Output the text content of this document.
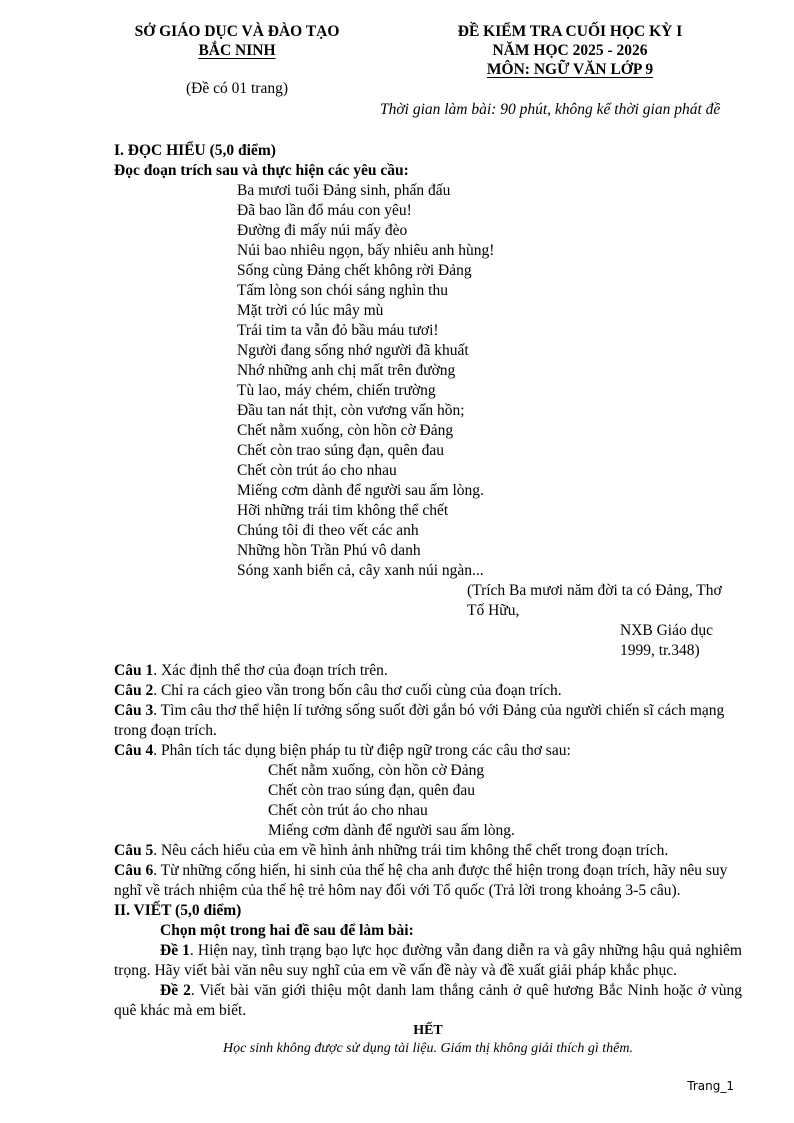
SỞ GIÁO DỤC VÀ ĐÀO TẠO
BẮC NINH
ĐỀ KIỂM TRA CUỐI HỌC KỲ I
NĂM HỌC 2025 - 2026
MÔN: NGỮ VĂN LỚP 9
(Đề có 01 trang)
Thời gian làm bài: 90 phút, không kể thời gian phát đề

I. ĐỌC HIỂU (5,0 điểm)

Đọc đoạn trích sau và thực hiện các yêu cầu:

Ba mươi tuổi Đảng sinh, phấn đấu

Đã bao lần đổ máu con yêu!

Đường đi mấy núi mấy đèo

Núi bao nhiêu ngọn, bấy nhiêu anh hùng!

Sống cùng Đảng chết không rời Đảng

Tấm lòng son chói sáng nghìn thu

Mặt trời có lúc mây mù

Trái tim ta vẫn đỏ bầu máu tươi!

Người đang sống nhớ người đã khuất

Nhớ những anh chị mất trên đường

Tù lao, máy chém, chiến trường

Đầu tan nát thịt, còn vương vấn hồn;

Chết nằm xuống, còn hồn cờ Đảng

Chết còn trao súng đạn, quên đau

Chết còn trút áo cho nhau

Miếng cơm dành để người sau ấm lòng.

Hỡi những trái tim không thể chết

Chúng tôi đi theo vết các anh

Những hồn Trần Phú vô danh

Sóng xanh biển cả, cây xanh núi ngàn...

(Trích Ba mươi năm đời ta có Đảng, Thơ Tố Hữu,

NXB Giáo dục 1999, tr.348)

Câu 1. Xác định thể thơ của đoạn trích trên.

Câu 2. Chỉ ra cách gieo vần trong bốn câu thơ cuối cùng của đoạn trích.

Câu 3. Tìm câu thơ thể hiện lí tưởng sống suốt đời gắn bó với Đảng của người chiến sĩ cách mạng trong đoạn trích.

Câu 4. Phân tích tác dụng biện pháp tu từ điệp ngữ trong các câu thơ sau:

Chết nằm xuống, còn hồn cờ Đảng

Chết còn trao súng đạn, quên đau

Chết còn trút áo cho nhau

Miếng cơm dành để người sau ấm lòng.

Câu 5. Nêu cách hiểu của em về hình ảnh những trái tim không thể chết trong đoạn trích.

Câu 6. Từ những cống hiến, hi sinh của thế hệ cha anh được thể hiện trong đoạn trích, hãy nêu suy nghĩ về trách nhiệm của thế hệ trẻ hôm nay đối với Tổ quốc (Trả lời trong khoảng 3-5 câu).

II. VIẾT (5,0 điểm)

Chọn một trong hai đề sau để làm bài:

Đề 1. Hiện nay, tình trạng bạo lực học đường vẫn đang diễn ra và gây những hậu quả nghiêm trọng. Hãy viết bài văn nêu suy nghĩ của em về vấn đề này và đề xuất giải pháp khắc phục.

Đề 2. Viết bài văn giới thiệu một danh lam thắng cảnh ở quê hương Bắc Ninh hoặc ở vùng quê khác mà em biết.

HẾT

Học sinh không được sử dụng tài liệu. Giám thị không giải thích gì thêm.

Trang_1
